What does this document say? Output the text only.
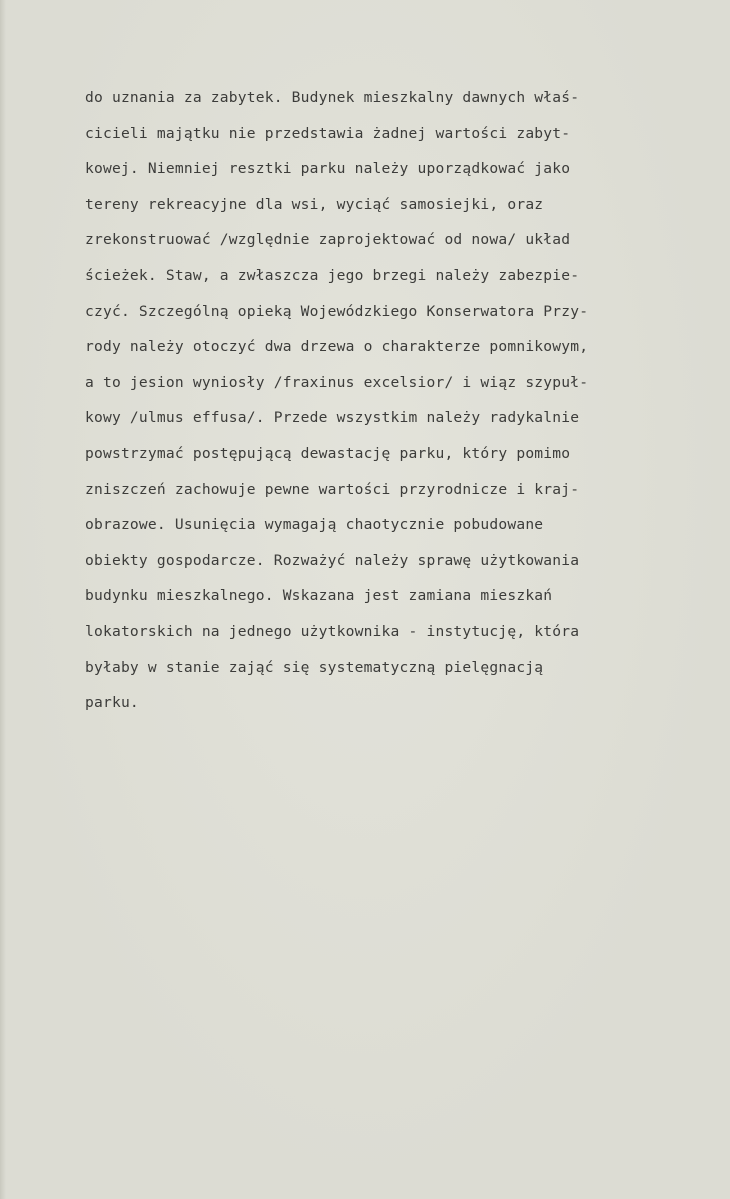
do uznania za zabytek. Budynek mieszkalny dawnych właś-
cicieli majątku nie przedstawia żadnej wartości zabyt-
kowej. Niemniej resztki parku należy uporządkować jako
tereny rekreacyjne dla wsi, wyciąć samosiejki, oraz
zrekonstruować /względnie zaprojektować od nowa/ układ
ścieżek. Staw, a zwłaszcza jego brzegi należy zabezpie-
czyć. Szczególną opieką Wojewódzkiego Konserwatora Przy-
rody należy otoczyć dwa drzewa o charakterze pomnikowym,
a to jesion wyniosły /fraxinus excelsior/ i wiąz szypuł-
kowy /ulmus effusa/. Przede wszystkim należy radykalnie
powstrzymać postępującą dewastację parku, który pomimo
zniszczeń zachowuje pewne wartości przyrodnicze i kraj-
obrazowe. Usunięcia wymagają chaotycznie pobudowane
obiekty gospodarcze. Rozważyć należy sprawę użytkowania
budynku mieszkalnego. Wskazana jest zamiana mieszkań
lokatorskich na jednego użytkownika - instytucję, która
byłaby w stanie zająć się systematyczną pielęgnacją
parku.
